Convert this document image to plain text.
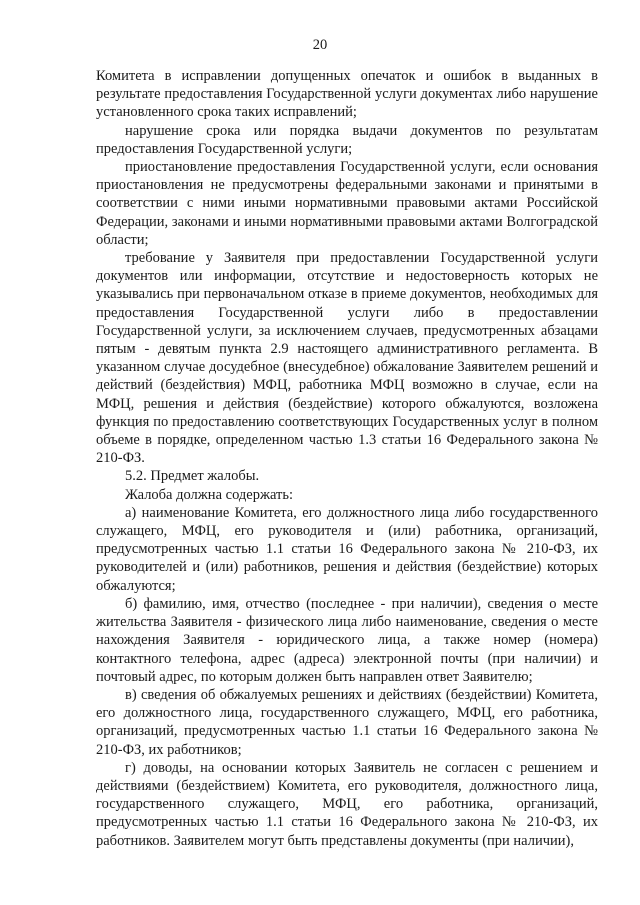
20

Комитета в исправлении допущенных опечаток и ошибок в выданных в результате предоставления Государственной услуги документах либо нарушение установленного срока таких исправлений;

нарушение срока или порядка выдачи документов по результатам предоставления Государственной услуги;

приостановление предоставления Государственной услуги, если основания приостановления не предусмотрены федеральными законами и принятыми в соответствии с ними иными нормативными правовыми актами Российской Федерации, законами и иными нормативными правовыми актами Волгоградской области;

требование у Заявителя при предоставлении Государственной услуги документов или информации, отсутствие и недостоверность которых не указывались при первоначальном отказе в приеме документов, необходимых для предоставления Государственной услуги либо в предоставлении Государственной услуги, за исключением случаев, предусмотренных абзацами пятым - девятым пункта 2.9 настоящего административного регламента. В указанном случае досудебное (внесудебное) обжалование Заявителем решений и действий (бездействия) МФЦ, работника МФЦ возможно в случае, если на МФЦ, решения и действия (бездействие) которого обжалуются, возложена функция по предоставлению соответствующих Государственных услуг в полном объеме в порядке, определенном частью 1.3 статьи 16 Федерального закона № 210-ФЗ.

5.2. Предмет жалобы.

Жалоба должна содержать:

а) наименование Комитета, его должностного лица либо государственного служащего, МФЦ, его руководителя и (или) работника, организаций, предусмотренных частью 1.1 статьи 16 Федерального закона № 210-ФЗ, их руководителей и (или) работников, решения и действия (бездействие) которых обжалуются;

б) фамилию, имя, отчество (последнее - при наличии), сведения о месте жительства Заявителя - физического лица либо наименование, сведения о месте нахождения Заявителя - юридического лица, а также номер (номера) контактного телефона, адрес (адреса) электронной почты (при наличии) и почтовый адрес, по которым должен быть направлен ответ Заявителю;

в) сведения об обжалуемых решениях и действиях (бездействии) Комитета, его должностного лица, государственного служащего, МФЦ, его работника, организаций, предусмотренных частью 1.1 статьи 16 Федерального закона № 210-ФЗ, их работников;

г) доводы, на основании которых Заявитель не согласен с решением и действиями (бездействием) Комитета, его руководителя, должностного лица, государственного служащего, МФЦ, его работника, организаций, предусмотренных частью 1.1 статьи 16 Федерального закона № 210-ФЗ, их работников. Заявителем могут быть представлены документы (при наличии),
